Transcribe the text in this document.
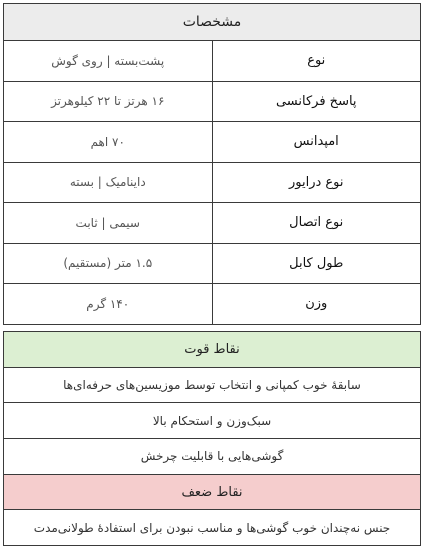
مشخصات	
نوع	پشت‌بسته | روی گوش
پاسخ فرکانسی	۱۶ هرتز تا ۲۲ کیلوهرتز
امپدانس	۷۰ اهم
نوع درایور	داینامیک | بسته
نوع اتصال	سیمی | ثابت
طول کابل	۱.۵ متر (مستقیم)
وزن	۱۴۰ گرم
نقاط قوت
سابقهٔ خوب کمپانی و انتخاب توسط موزیسین‌های حرفه‌ای‌ها
سبک‌وزن و استحکام بالا
گوشی‌هایی با قابلیت چرخش
نقاط ضعف
جنس نه‌چندان خوب گوشی‌ها و مناسب نبودن برای استفادهٔ طولانی‌مدت
